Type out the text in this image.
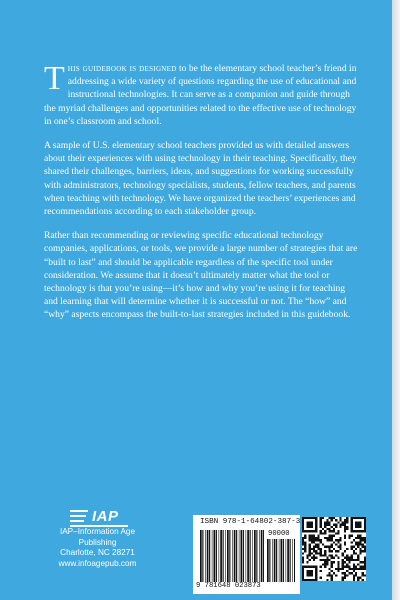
This guidebook is designed to be the elementary school teacher’s friend in addressing a wide variety of questions regarding the use of educational and instructional technologies. It can serve as a companion and guide through the myriad challenges and opportunities related to the effective use of technology in one’s classroom and school.

A sample of U.S. elementary school teachers provided us with detailed answers about their experiences with using technology in their teaching. Specifically, they shared their challenges, barriers, ideas, and suggestions for working successfully with administrators, technology specialists, students, fellow teachers, and parents when teaching with technology. We have organized the teachers’ experiences and recommendations according to each stakeholder group.

Rather than recommending or reviewing specific educational technology companies, applications, or tools, we provide a large number of strategies that are “built to last” and should be applicable regardless of the specific tool under consideration. We assume that it doesn’t ultimately matter what the tool or technology is that you’re using—it’s how and why you’re using it for teaching and learning that will determine whether it is successful or not. The “how” and “why” aspects encompass the built-to-last strategies included in this guidebook.

IAP
IAP–Information Age Publishing
Charlotte, NC 28271
www.infoagepub.com
ISBN 978-1-64802-387-3
90000
9 781648 023873
